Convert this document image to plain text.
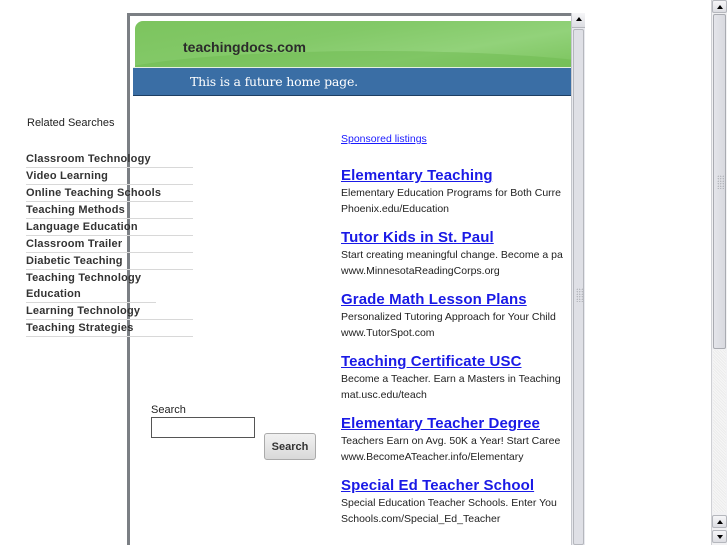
teachingdocs.com
This is a future home page.
Related Searches
Classroom Technology
Video Learning
Online Teaching Schools
Teaching Methods
Language Education
Classroom Trailer
Diabetic Teaching
Teaching Technology Education
Learning Technology
Teaching Strategies
Search
Search
Sponsored listings
Elementary Teaching
Elementary Education Programs for Both Curre
Phoenix.edu/Education
Tutor Kids in St. Paul
Start creating meaningful change. Become a pa
www.MinnesotaReadingCorps.org
Grade Math Lesson Plans
Personalized Tutoring Approach for Your Child
www.TutorSpot.com
Teaching Certificate USC
Become a Teacher. Earn a Masters in Teaching
mat.usc.edu/teach
Elementary Teacher Degree
Teachers Earn on Avg. 50K a Year! Start Caree
www.BecomeATeacher.info/Elementary
Special Ed Teacher School
Special Education Teacher Schools. Enter You
Schools.com/Special_Ed_Teacher
